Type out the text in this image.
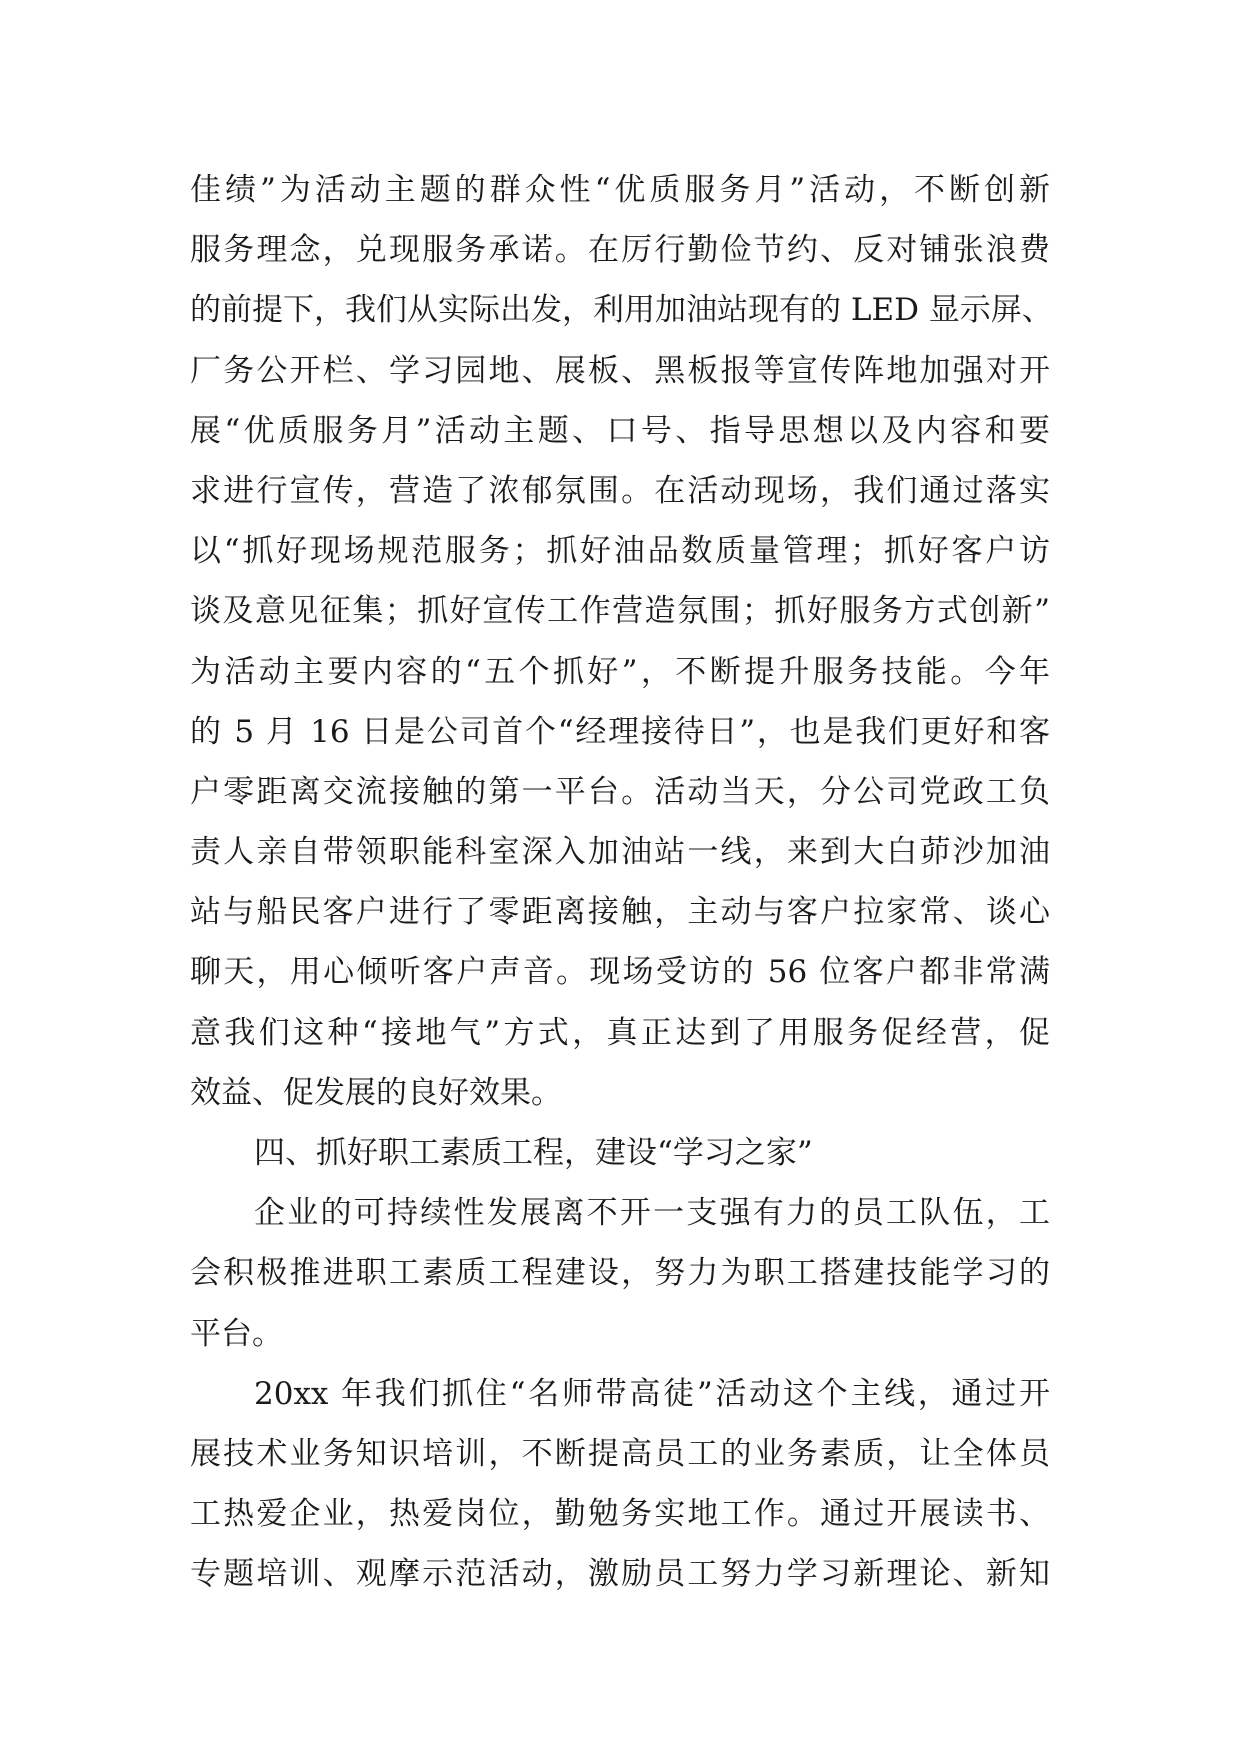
佳绩”为活动主题的群众性“优质服务月”活动，不断创新
服务理念，兑现服务承诺。在厉行勤俭节约、反对铺张浪费
的前提下，我们从实际出发，利用加油站现有的 LED 显示屏、
厂务公开栏、学习园地、展板、黑板报等宣传阵地加强对开
展“优质服务月”活动主题、口号、指导思想以及内容和要
求进行宣传，营造了浓郁氛围。在活动现场，我们通过落实
以“抓好现场规范服务；抓好油品数质量管理；抓好客户访
谈及意见征集；抓好宣传工作营造氛围；抓好服务方式创新”
为活动主要内容的“五个抓好”，不断提升服务技能。今年
的 5 月 16 日是公司首个“经理接待日”，也是我们更好和客
户零距离交流接触的第一平台。活动当天，分公司党政工负
责人亲自带领职能科室深入加油站一线，来到大白茆沙加油
站与船民客户进行了零距离接触，主动与客户拉家常、谈心
聊天，用心倾听客户声音。现场受访的 56 位客户都非常满
意我们这种“接地气”方式，真正达到了用服务促经营，促
效益、促发展的良好效果。
四、抓好职工素质工程，建设“学习之家”
企业的可持续性发展离不开一支强有力的员工队伍，工
会积极推进职工素质工程建设，努力为职工搭建技能学习的
平台。
20xx 年我们抓住“名师带高徒”活动这个主线，通过开
展技术业务知识培训，不断提高员工的业务素质，让全体员
工热爱企业，热爱岗位，勤勉务实地工作。通过开展读书、
专题培训、观摩示范活动，激励员工努力学习新理论、新知
